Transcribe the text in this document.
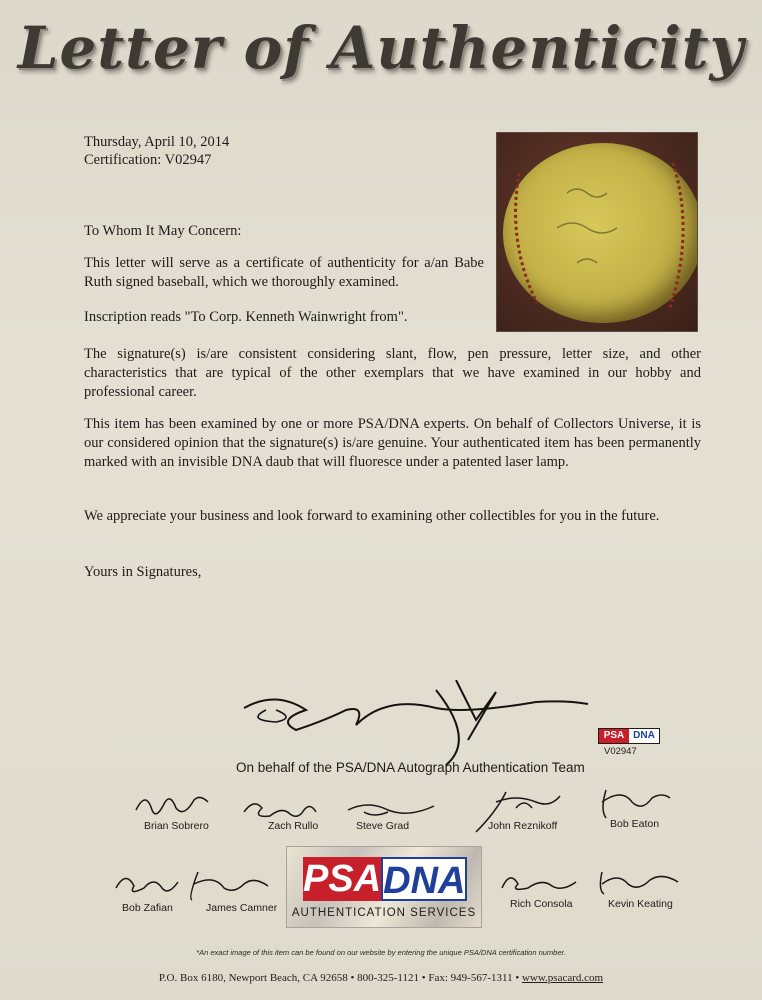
Letter of Authenticity
Thursday, April 10, 2014
Certification: V02947
To Whom It May Concern:
This letter will serve as a certificate of authenticity for a/an Babe Ruth signed baseball, which we thoroughly examined.
Inscription reads "To Corp. Kenneth Wainwright from".
The signature(s) is/are consistent considering slant, flow, pen pressure, letter size, and other characteristics that are typical of the other exemplars that we have examined in our hobby and professional career.
This item has been examined by one or more PSA/DNA experts. On behalf of Collectors Universe, it is our considered opinion that the signature(s) is/are genuine. Your authenticated item has been permanently marked with an invisible DNA daub that will fluoresce under a patented laser lamp.
We appreciate your business and look forward to examining other collectibles for you in the future.
Yours in Signatures,
PSA DNA
V02947
On behalf of the PSA/DNA Autograph Authentication Team
Brian Sobrero	Zach Rullo	Steve Grad	John Reznikoff	Bob Eaton
Bob Zafian	James Camner	Rich Consola	Kevin Keating
PSA DNA
AUTHENTICATION SERVICES
*An exact image of this item can be found on our website by entering the unique PSA/DNA certification number.
P.O. Box 6180, Newport Beach, CA 92658 • 800-325-1121 • Fax: 949-567-1311 • www.psacard.com
